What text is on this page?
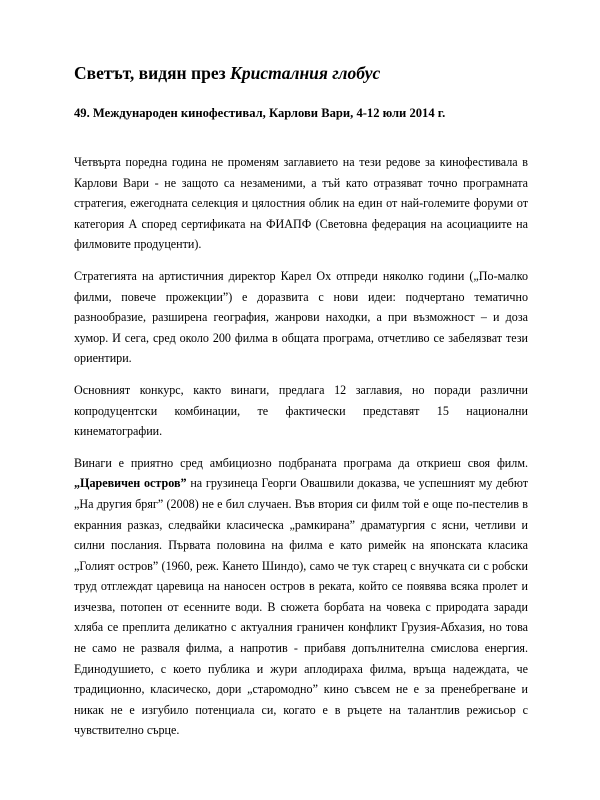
Светът, видян през Кристалния глобус
49. Международен кинофестивал, Карлови Вари, 4-12 юли 2014 г.

Четвърта поредна година не променям заглавието на тези редове за кинофестивала в Карлови Вари - не защото са незаменими, а тъй като отразяват точно програмната стратегия, ежегодната селекция и цялостния облик на един от най-големите форуми от категория А според сертификата на ФИАПФ (Световна федерация на асоциациите на филмовите продуценти).

Стратегията на артистичния директор Карел Ох отпреди няколко години („По-малко филми, повече прожекции”) е доразвита с нови идеи: подчертано тематично разнообразие, разширена география, жанрови находки, а при възможност – и доза хумор. И сега, сред около 200 филма в общата програма, отчетливо се забелязват тези ориентири.

Основният конкурс, както винаги, предлага 12 заглавия, но поради различни копродуцентски комбинации, те фактически представят 15 национални кинематографии.

Винаги е приятно сред амбициозно подбраната програма да откриеш своя филм. „Царевичен остров” на грузинеца Георги Овашвили доказва, че успешният му дебют „На другия бряг” (2008) не е бил случаен. Във втория си филм той е още по-пестелив в екранния разказ, следвайки класическа „рамкирана” драматургия с ясни, четливи и силни послания. Първата половина на филма е като римейк на японската класика „Голият остров” (1960, реж. Кането Шиндо), само че тук старец с внучката си с робски труд отглеждат царевица на наносен остров в реката, който се появява всяка пролет и изчезва, потопен от есенните води. В сюжета борбата на човека с природата заради хляба се преплита деликатно с актуалния граничен конфликт Грузия-Абхазия, но това не само не разваля филма, а напротив - прибавя допълнителна смислова енергия. Единодушието, с което публика и жури аплодираха филма, връща надеждата, че традиционно, класическо, дори „старомодно” кино съвсем не е за пренебрегване и никак не е изгубило потенциала си, когато е в ръцете на талантлив режисьор с чувствително сърце.
